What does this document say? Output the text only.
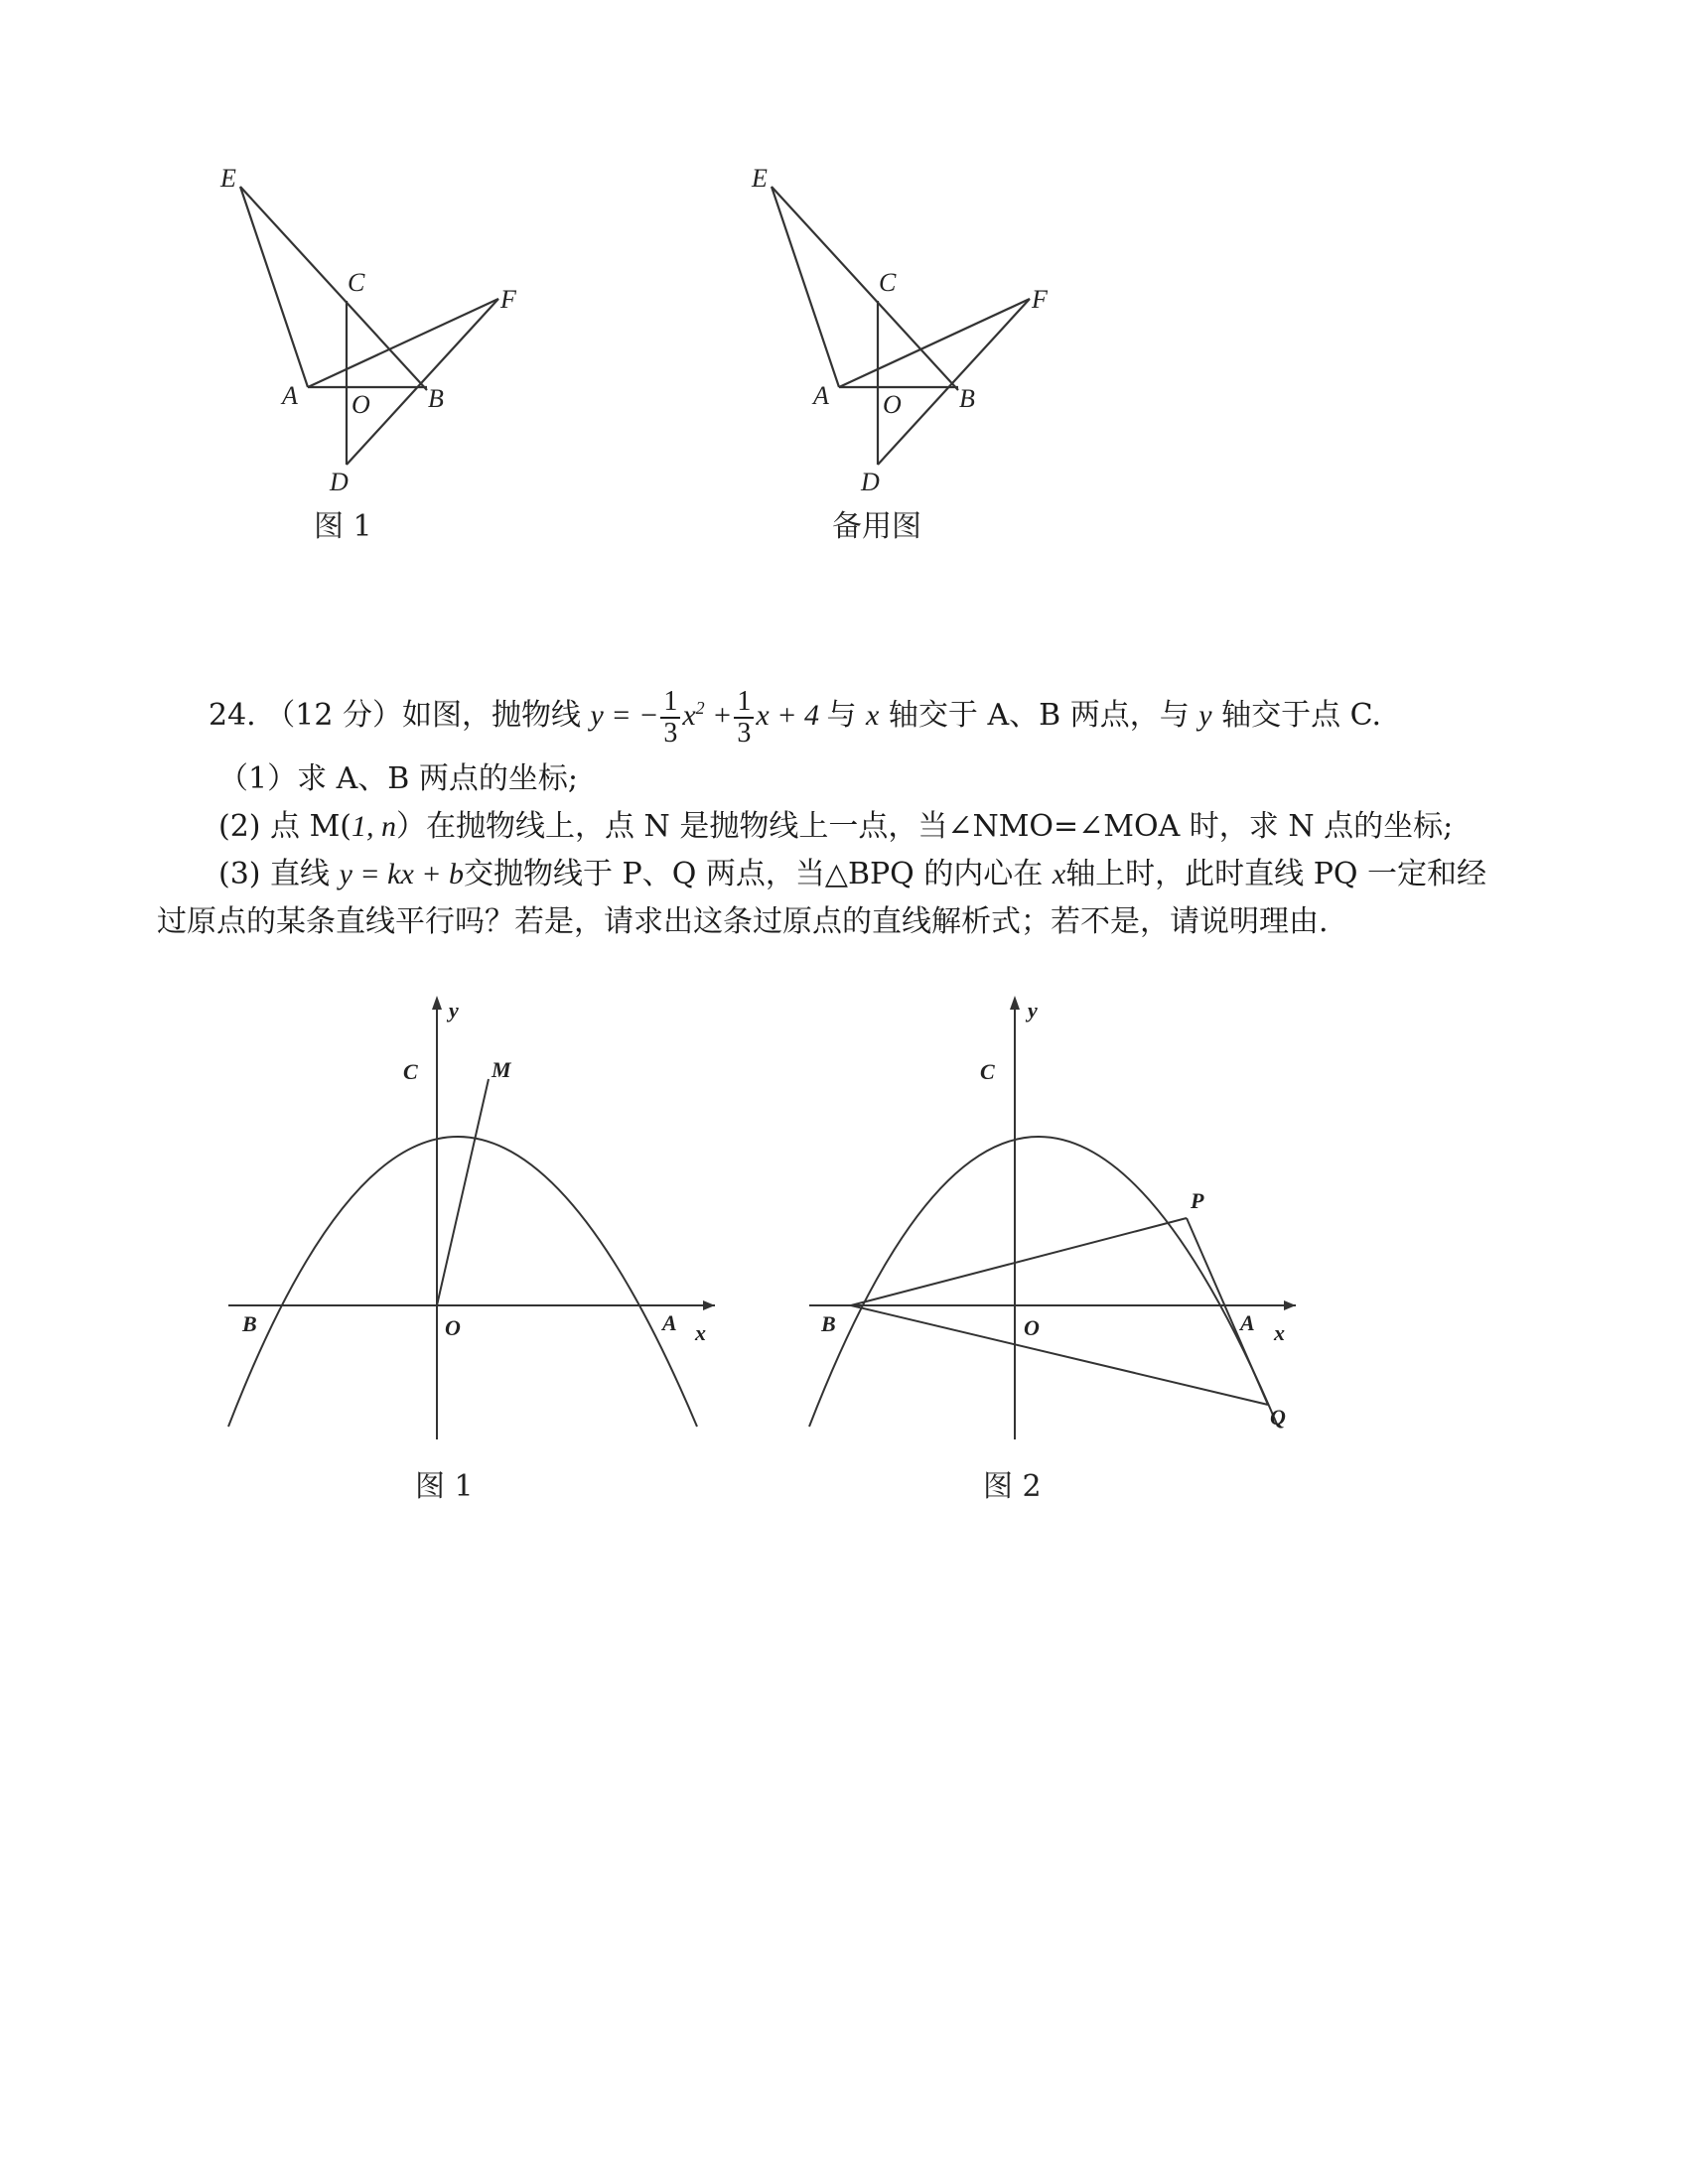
E
C
F
A O B
D
图 1
E
C
F
A O B
D
备用图
24. （12 分）如图，抛物线 y = − $\frac{1}{3} x^2 + \frac{1}{3}$ x + 4 与 x 轴交于 A、B 两点，与 y 轴交于点 C.
（1）求 A、B 两点的坐标;
(2) 点 M(1, n）在抛物线上，点 N 是抛物线上一点，当∠NMO=∠MOA 时，求 N 点的坐标;
(3) 直线 y = kx + b交抛物线于 P、Q 两点，当△BPQ 的内心在 x轴上时，此时直线 PQ 一定和经
过原点的某条直线平行吗？若是，请求出这条过原点的直线解析式；若不是，请说明理由.
y
x
C	M
B	O	A
图 1
y
x
C
P
B	O	A
Q
图 2
